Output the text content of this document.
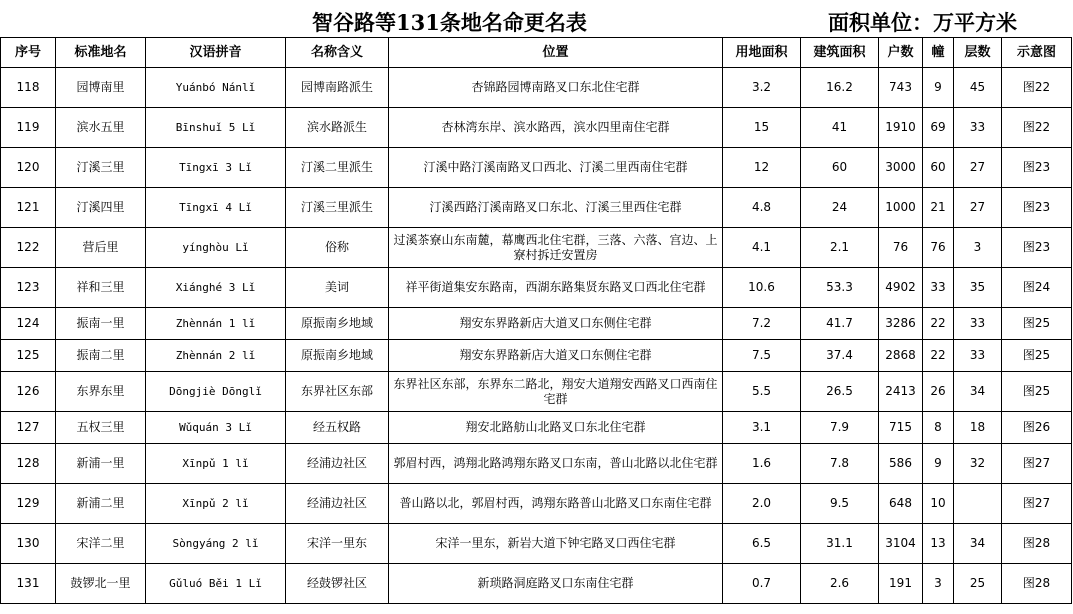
智谷路等131条地名命更名表	面积单位：万平方米
序号	标准地名	汉语拼音	名称含义	位置	用地面积	建筑面积	户数	幢	层数	示意图
118	园博南里	Yuánbó Nánlǐ	园博南路派生	杏锦路园博南路叉口东北住宅群	3.2	16.2	743	9	45	图22
119	滨水五里	Bīnshuǐ 5 Lǐ	滨水路派生	杏林湾东岸、滨水路西，滨水四里南住宅群	15	41	1910	69	33	图22
120	汀溪三里	Tīngxī 3 Lǐ	汀溪二里派生	汀溪中路汀溪南路叉口西北、汀溪二里西南住宅群	12	60	3000	60	27	图23
121	汀溪四里	Tīngxī 4 Lǐ	汀溪三里派生	汀溪西路汀溪南路叉口东北、汀溪三里西住宅群	4.8	24	1000	21	27	图23
122	营后里	yínghòu Lǐ	俗称	过溪茶寮山东南麓，幕鹰西北住宅群，三落、六落、宫边、上寮村拆迁安置房	4.1	2.1	76	76	3	图23
123	祥和三里	Xiánghé 3 Lǐ	美词	祥平街道集安东路南，西湖东路集贤东路叉口西北住宅群	10.6	53.3	4902	33	35	图24
124	振南一里	Zhènnán 1 lǐ	原振南乡地域	翔安东界路新店大道叉口东侧住宅群	7.2	41.7	3286	22	33	图25
125	振南二里	Zhènnán 2 lǐ	原振南乡地域	翔安东界路新店大道叉口东侧住宅群	7.5	37.4	2868	22	33	图25
126	东界东里	Dōngjiè Dōnglǐ	东界社区东部	东界社区东部，东界东二路北，翔安大道翔安西路叉口西南住宅群	5.5	26.5	2413	26	34	图25
127	五权三里	Wǔquán 3 Lǐ	经五权路	翔安北路舫山北路叉口东北住宅群	3.1	7.9	715	8	18	图26
128	新浦一里	Xīnpǔ 1 lǐ	经浦边社区	郭眉村西，鸿翔北路鸿翔东路叉口东南，普山北路以北住宅群	1.6	7.8	586	9	32	图27
129	新浦二里	Xīnpǔ 2 lǐ	经浦边社区	普山路以北，郭眉村西，鸿翔东路普山北路叉口东南住宅群	2.0	9.5	648	10		图27
130	宋洋二里	Sòngyáng 2 lǐ	宋洋一里东	宋洋一里东，新岩大道下钟宅路叉口西住宅群	6.5	31.1	3104	13	34	图28
131	鼓锣北一里	Gǔluó Běi 1 Lǐ	经鼓锣社区	新琐路洞庭路叉口东南住宅群	0.7	2.6	191	3	25	图28
